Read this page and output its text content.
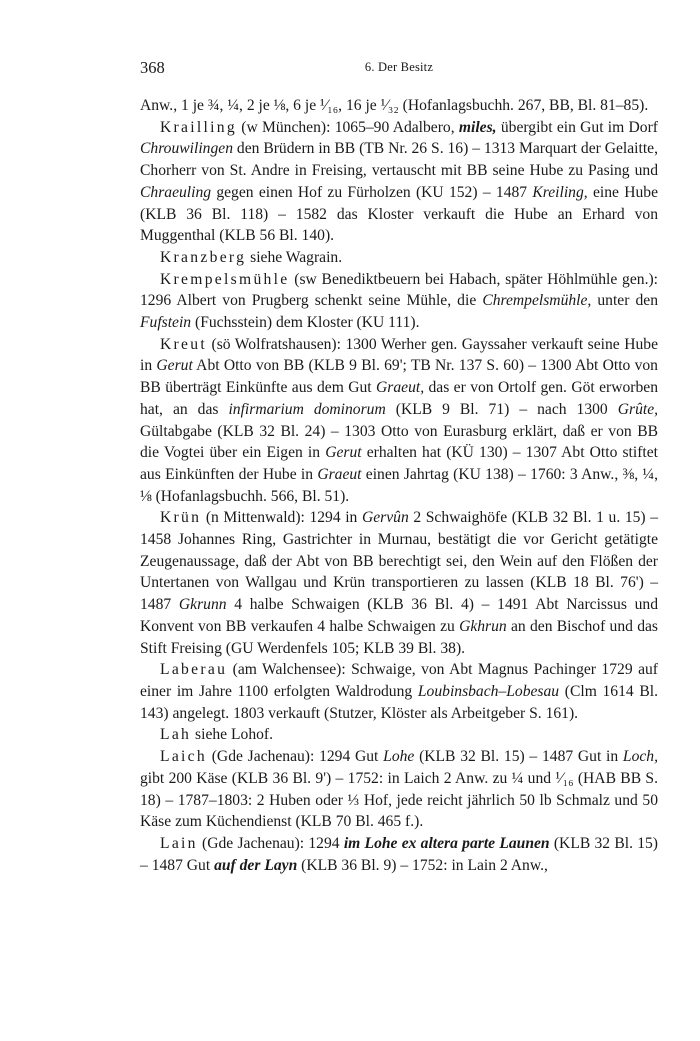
368	6. Der Besitz

Anw., 1 je ¾, ¼, 2 je ⅛, 6 je ¹⁄₁₆, 16 je ¹⁄₃₂ (Hofanlagsbuchh. 267, BB, Bl. 81–85).

Krailling (w München): 1065–90 Adalbero, miles, übergibt ein Gut im Dorf Chrouwilingen den Brüdern in BB (TB Nr. 26 S. 16) – 1313 Marquart der Gelaitte, Chorherr von St. Andre in Freising, vertauscht mit BB seine Hube zu Pasing und Chraeuling gegen einen Hof zu Fürholzen (KU 152) – 1487 Kreiling, eine Hube (KLB 36 Bl. 118) – 1582 das Kloster verkauft die Hube an Erhard von Muggenthal (KLB 56 Bl. 140).

Kranzberg siehe Wagrain.

Krempelsmühle (sw Benediktbeuern bei Habach, später Höhlmühle gen.): 1296 Albert von Prugberg schenkt seine Mühle, die Chrempelsmühle, unter den Fufstein (Fuchsstein) dem Kloster (KU 111).

Kreut (sö Wolfratshausen): 1300 Werher gen. Gayssaher verkauft seine Hube in Gerut Abt Otto von BB (KLB 9 Bl. 69'; TB Nr. 137 S. 60) – 1300 Abt Otto von BB überträgt Einkünfte aus dem Gut Graeut, das er von Ortolf gen. Göt erworben hat, an das infirmarium dominorum (KLB 9 Bl. 71) – nach 1300 Grûte, Gültabgabe (KLB 32 Bl. 24) – 1303 Otto von Eurasburg erklärt, daß er von BB die Vogtei über ein Eigen in Gerut erhalten hat (KÜ 130) – 1307 Abt Otto stiftet aus Einkünften der Hube in Graeut einen Jahrtag (KU 138) – 1760: 3 Anw., ⅜, ¼, ⅛ (Hofanlagsbuchh. 566, Bl. 51).

Krün (n Mittenwald): 1294 in Gervûn 2 Schwaighöfe (KLB 32 Bl. 1 u. 15) – 1458 Johannes Ring, Gastrichter in Murnau, bestätigt die vor Gericht getätigte Zeugenaussage, daß der Abt von BB berechtigt sei, den Wein auf den Flößen der Untertanen von Wallgau und Krün transportieren zu lassen (KLB 18 Bl. 76') – 1487 Gkrunn 4 halbe Schwaigen (KLB 36 Bl. 4) – 1491 Abt Narcissus und Konvent von BB verkaufen 4 halbe Schwaigen zu Gkhrun an den Bischof und das Stift Freising (GU Werdenfels 105; KLB 39 Bl. 38).

Laberau (am Walchensee): Schwaige, von Abt Magnus Pachinger 1729 auf einer im Jahre 1100 erfolgten Waldrodung Loubinsbach–Lobesau (Clm 1614 Bl. 143) angelegt. 1803 verkauft (Stutzer, Klöster als Arbeitgeber S. 161).

Lah siehe Lohof.

Laich (Gde Jachenau): 1294 Gut Lohe (KLB 32 Bl. 15) – 1487 Gut in Loch, gibt 200 Käse (KLB 36 Bl. 9') – 1752: in Laich 2 Anw. zu ¼ und ¹⁄₁₆ (HAB BB S. 18) – 1787–1803: 2 Huben oder ⅓ Hof, jede reicht jährlich 50 lb Schmalz und 50 Käse zum Küchendienst (KLB 70 Bl. 465 f.).

Lain (Gde Jachenau): 1294 im Lohe ex altera parte Launen (KLB 32 Bl. 15) – 1487 Gut auf der Layn (KLB 36 Bl. 9) – 1752: in Lain 2 Anw.,
